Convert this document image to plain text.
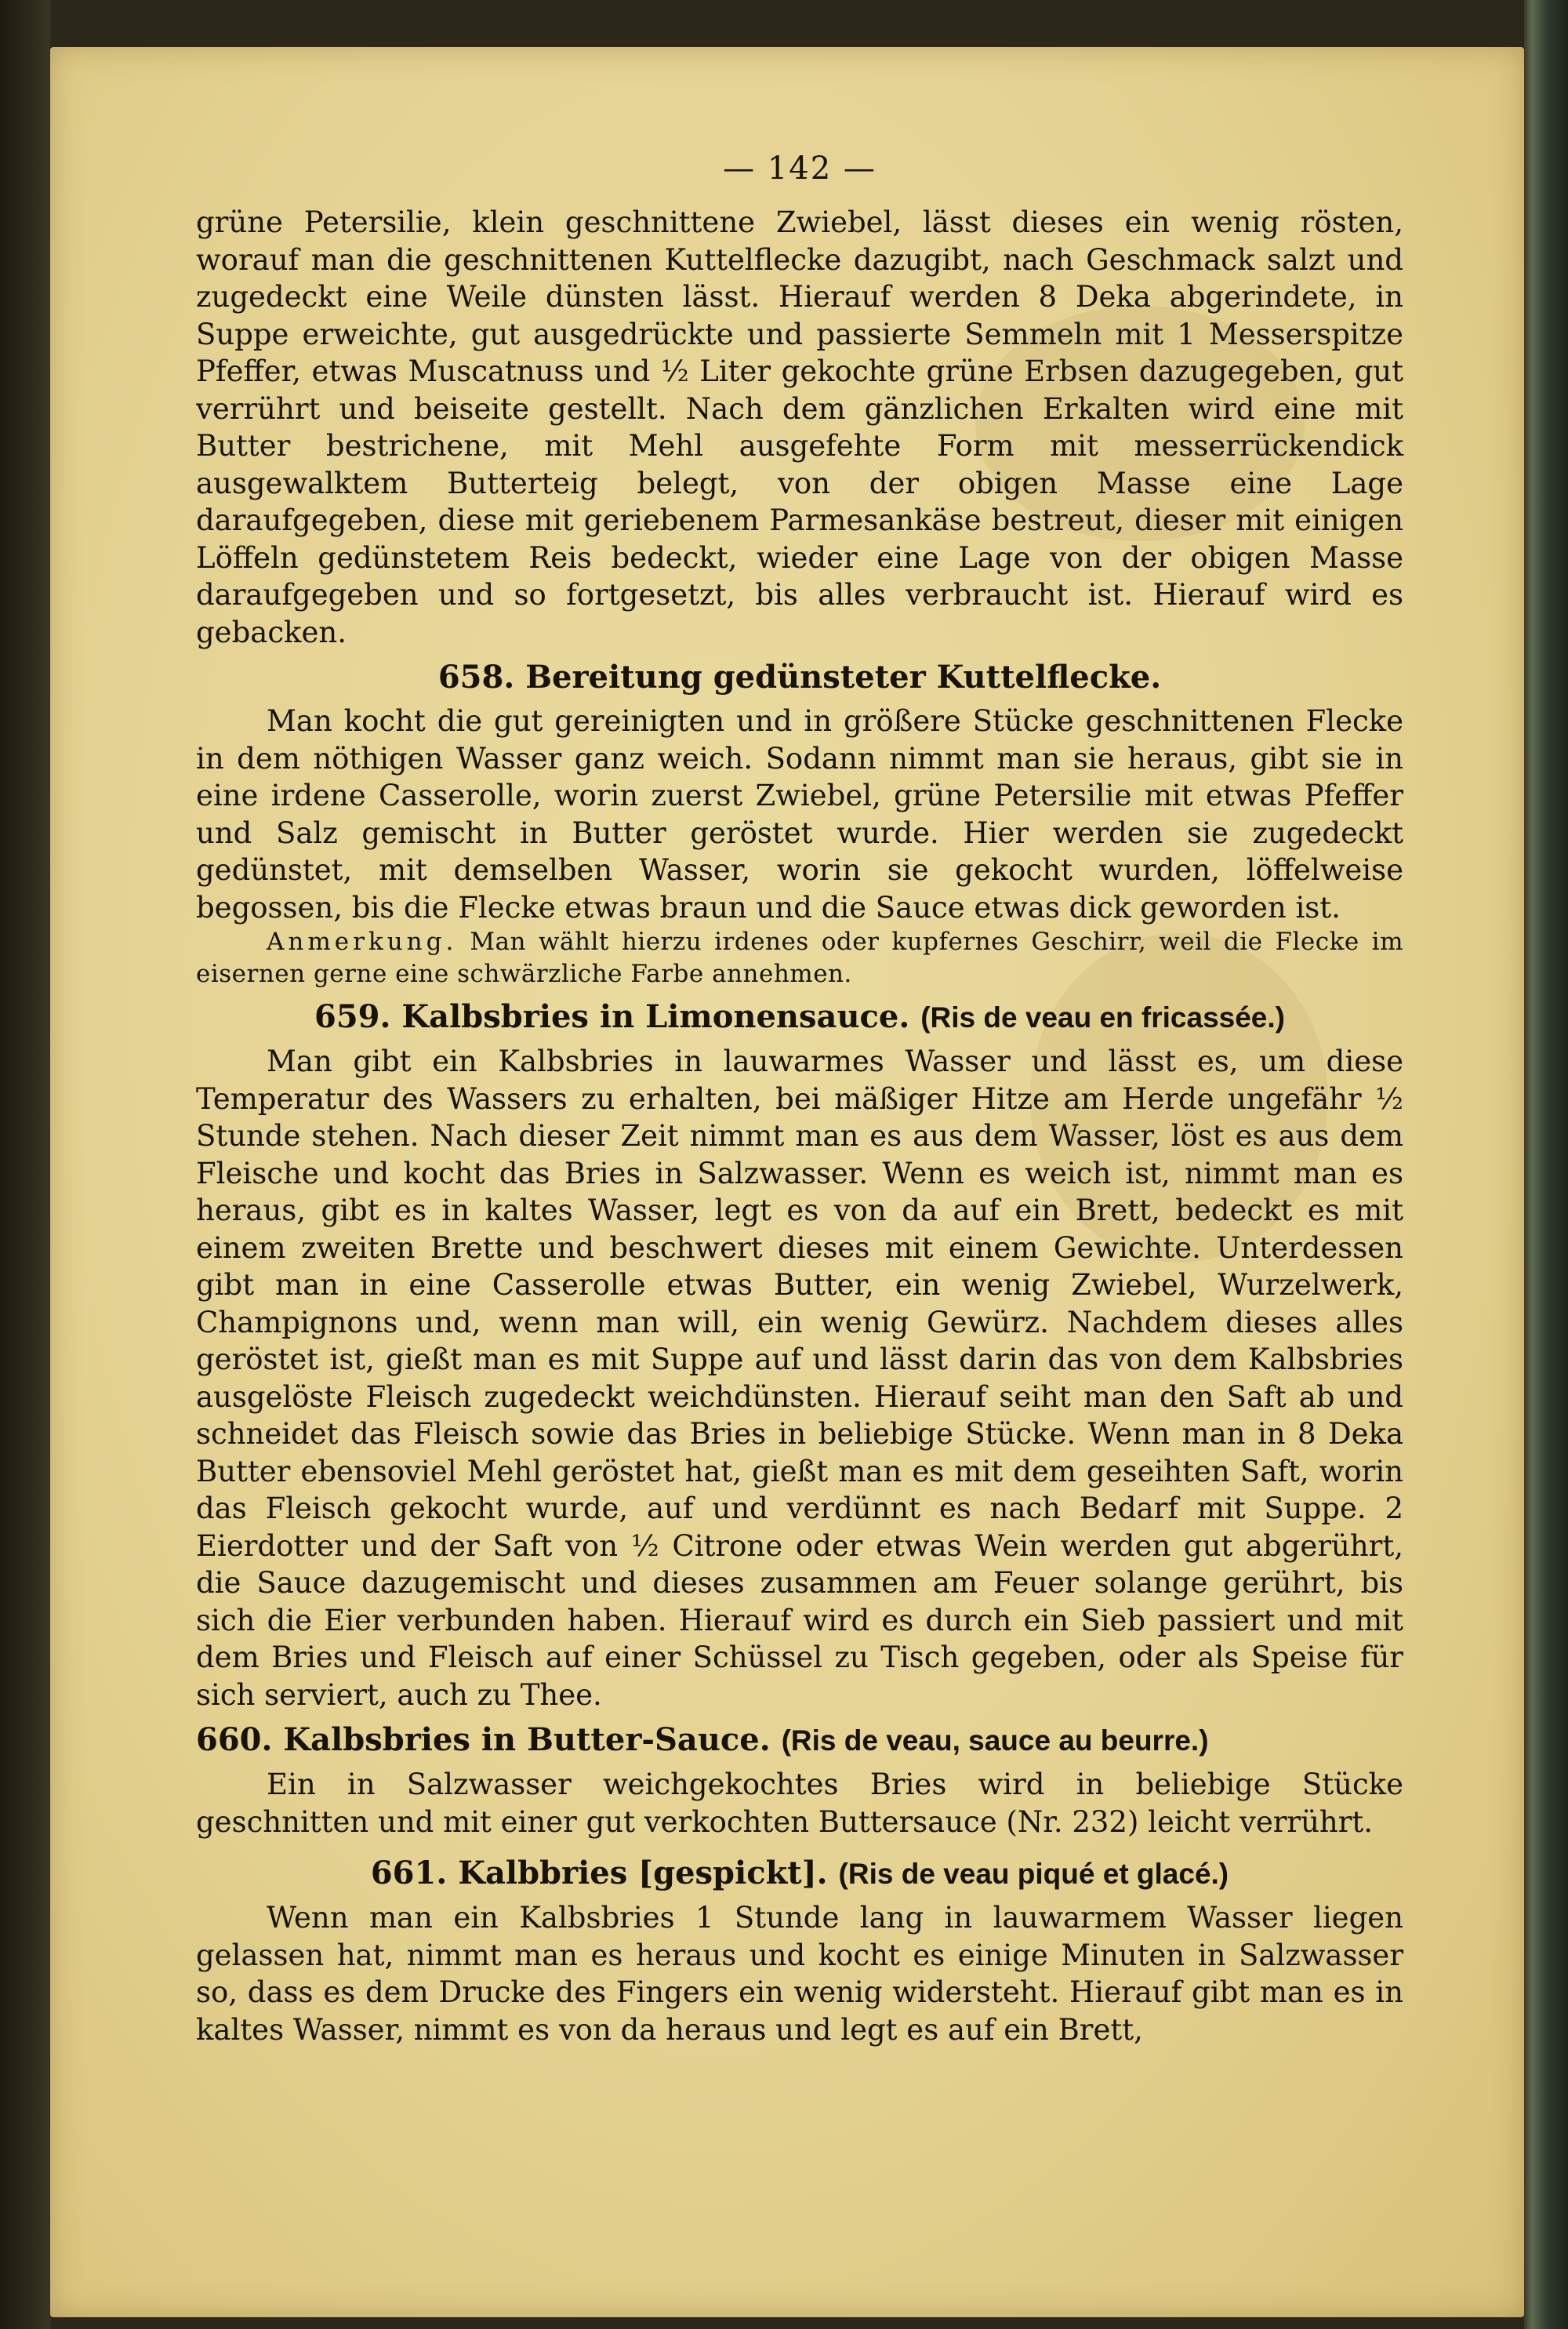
— 142 —

grüne Petersilie, klein geschnittene Zwiebel, lässt dieses ein wenig rösten, worauf man die geschnittenen Kuttelflecke dazugibt, nach Geschmack salzt und zugedeckt eine Weile dünsten lässt. Hierauf werden 8 Deka abgerindete, in Suppe erweichte, gut ausgedrückte und passierte Semmeln mit 1 Messerspitze Pfeffer, etwas Muscatnuss und ½ Liter gekochte grüne Erbsen dazugegeben, gut verrührt und beiseite gestellt. Nach dem gänzlichen Erkalten wird eine mit Butter bestrichene, mit Mehl ausgefehte Form mit messerrückendick ausgewalktem Butterteig belegt, von der obigen Masse eine Lage daraufgegeben, diese mit geriebenem Parmesankäse bestreut, dieser mit einigen Löffeln gedünstetem Reis bedeckt, wieder eine Lage von der obigen Masse daraufgegeben und so fortgesetzt, bis alles verbraucht ist. Hierauf wird es gebacken.

658. Bereitung gedünsteter Kuttelflecke.

Man kocht die gut gereinigten und in größere Stücke geschnittenen Flecke in dem nöthigen Wasser ganz weich. Sodann nimmt man sie heraus, gibt sie in eine irdene Casserolle, worin zuerst Zwiebel, grüne Petersilie mit etwas Pfeffer und Salz gemischt in Butter geröstet wurde. Hier werden sie zugedeckt gedünstet, mit demselben Wasser, worin sie gekocht wurden, löffelweise begossen, bis die Flecke etwas braun und die Sauce etwas dick geworden ist.

Anmerkung. Man wählt hierzu irdenes oder kupfernes Geschirr, weil die Flecke im eisernen gerne eine schwärzliche Farbe annehmen.

659. Kalbsbries in Limonensauce. (Ris de veau en fricassée.)

Man gibt ein Kalbsbries in lauwarmes Wasser und lässt es, um diese Temperatur des Wassers zu erhalten, bei mäßiger Hitze am Herde ungefähr ½ Stunde stehen. Nach dieser Zeit nimmt man es aus dem Wasser, löst es aus dem Fleische und kocht das Bries in Salzwasser. Wenn es weich ist, nimmt man es heraus, gibt es in kaltes Wasser, legt es von da auf ein Brett, bedeckt es mit einem zweiten Brette und beschwert dieses mit einem Gewichte. Unterdessen gibt man in eine Casserolle etwas Butter, ein wenig Zwiebel, Wurzelwerk, Champignons und, wenn man will, ein wenig Gewürz. Nachdem dieses alles geröstet ist, gießt man es mit Suppe auf und lässt darin das von dem Kalbsbries ausgelöste Fleisch zugedeckt weichdünsten. Hierauf seiht man den Saft ab und schneidet das Fleisch sowie das Bries in beliebige Stücke. Wenn man in 8 Deka Butter ebensoviel Mehl geröstet hat, gießt man es mit dem geseihten Saft, worin das Fleisch gekocht wurde, auf und verdünnt es nach Bedarf mit Suppe. 2 Eierdotter und der Saft von ½ Citrone oder etwas Wein werden gut abgerührt, die Sauce dazugemischt und dieses zusammen am Feuer solange gerührt, bis sich die Eier verbunden haben. Hierauf wird es durch ein Sieb passiert und mit dem Bries und Fleisch auf einer Schüssel zu Tisch gegeben, oder als Speise für sich serviert, auch zu Thee.

660. Kalbsbries in Butter-Sauce. (Ris de veau, sauce au beurre.)

Ein in Salzwasser weichgekochtes Bries wird in beliebige Stücke geschnitten und mit einer gut verkochten Buttersauce (Nr. 232) leicht verrührt.

661. Kalbbries [gespickt]. (Ris de veau piqué et glacé.)

Wenn man ein Kalbsbries 1 Stunde lang in lauwarmem Wasser liegen gelassen hat, nimmt man es heraus und kocht es einige Minuten in Salzwasser so, dass es dem Drucke des Fingers ein wenig widersteht. Hierauf gibt man es in kaltes Wasser, nimmt es von da heraus und legt es auf ein Brett,
